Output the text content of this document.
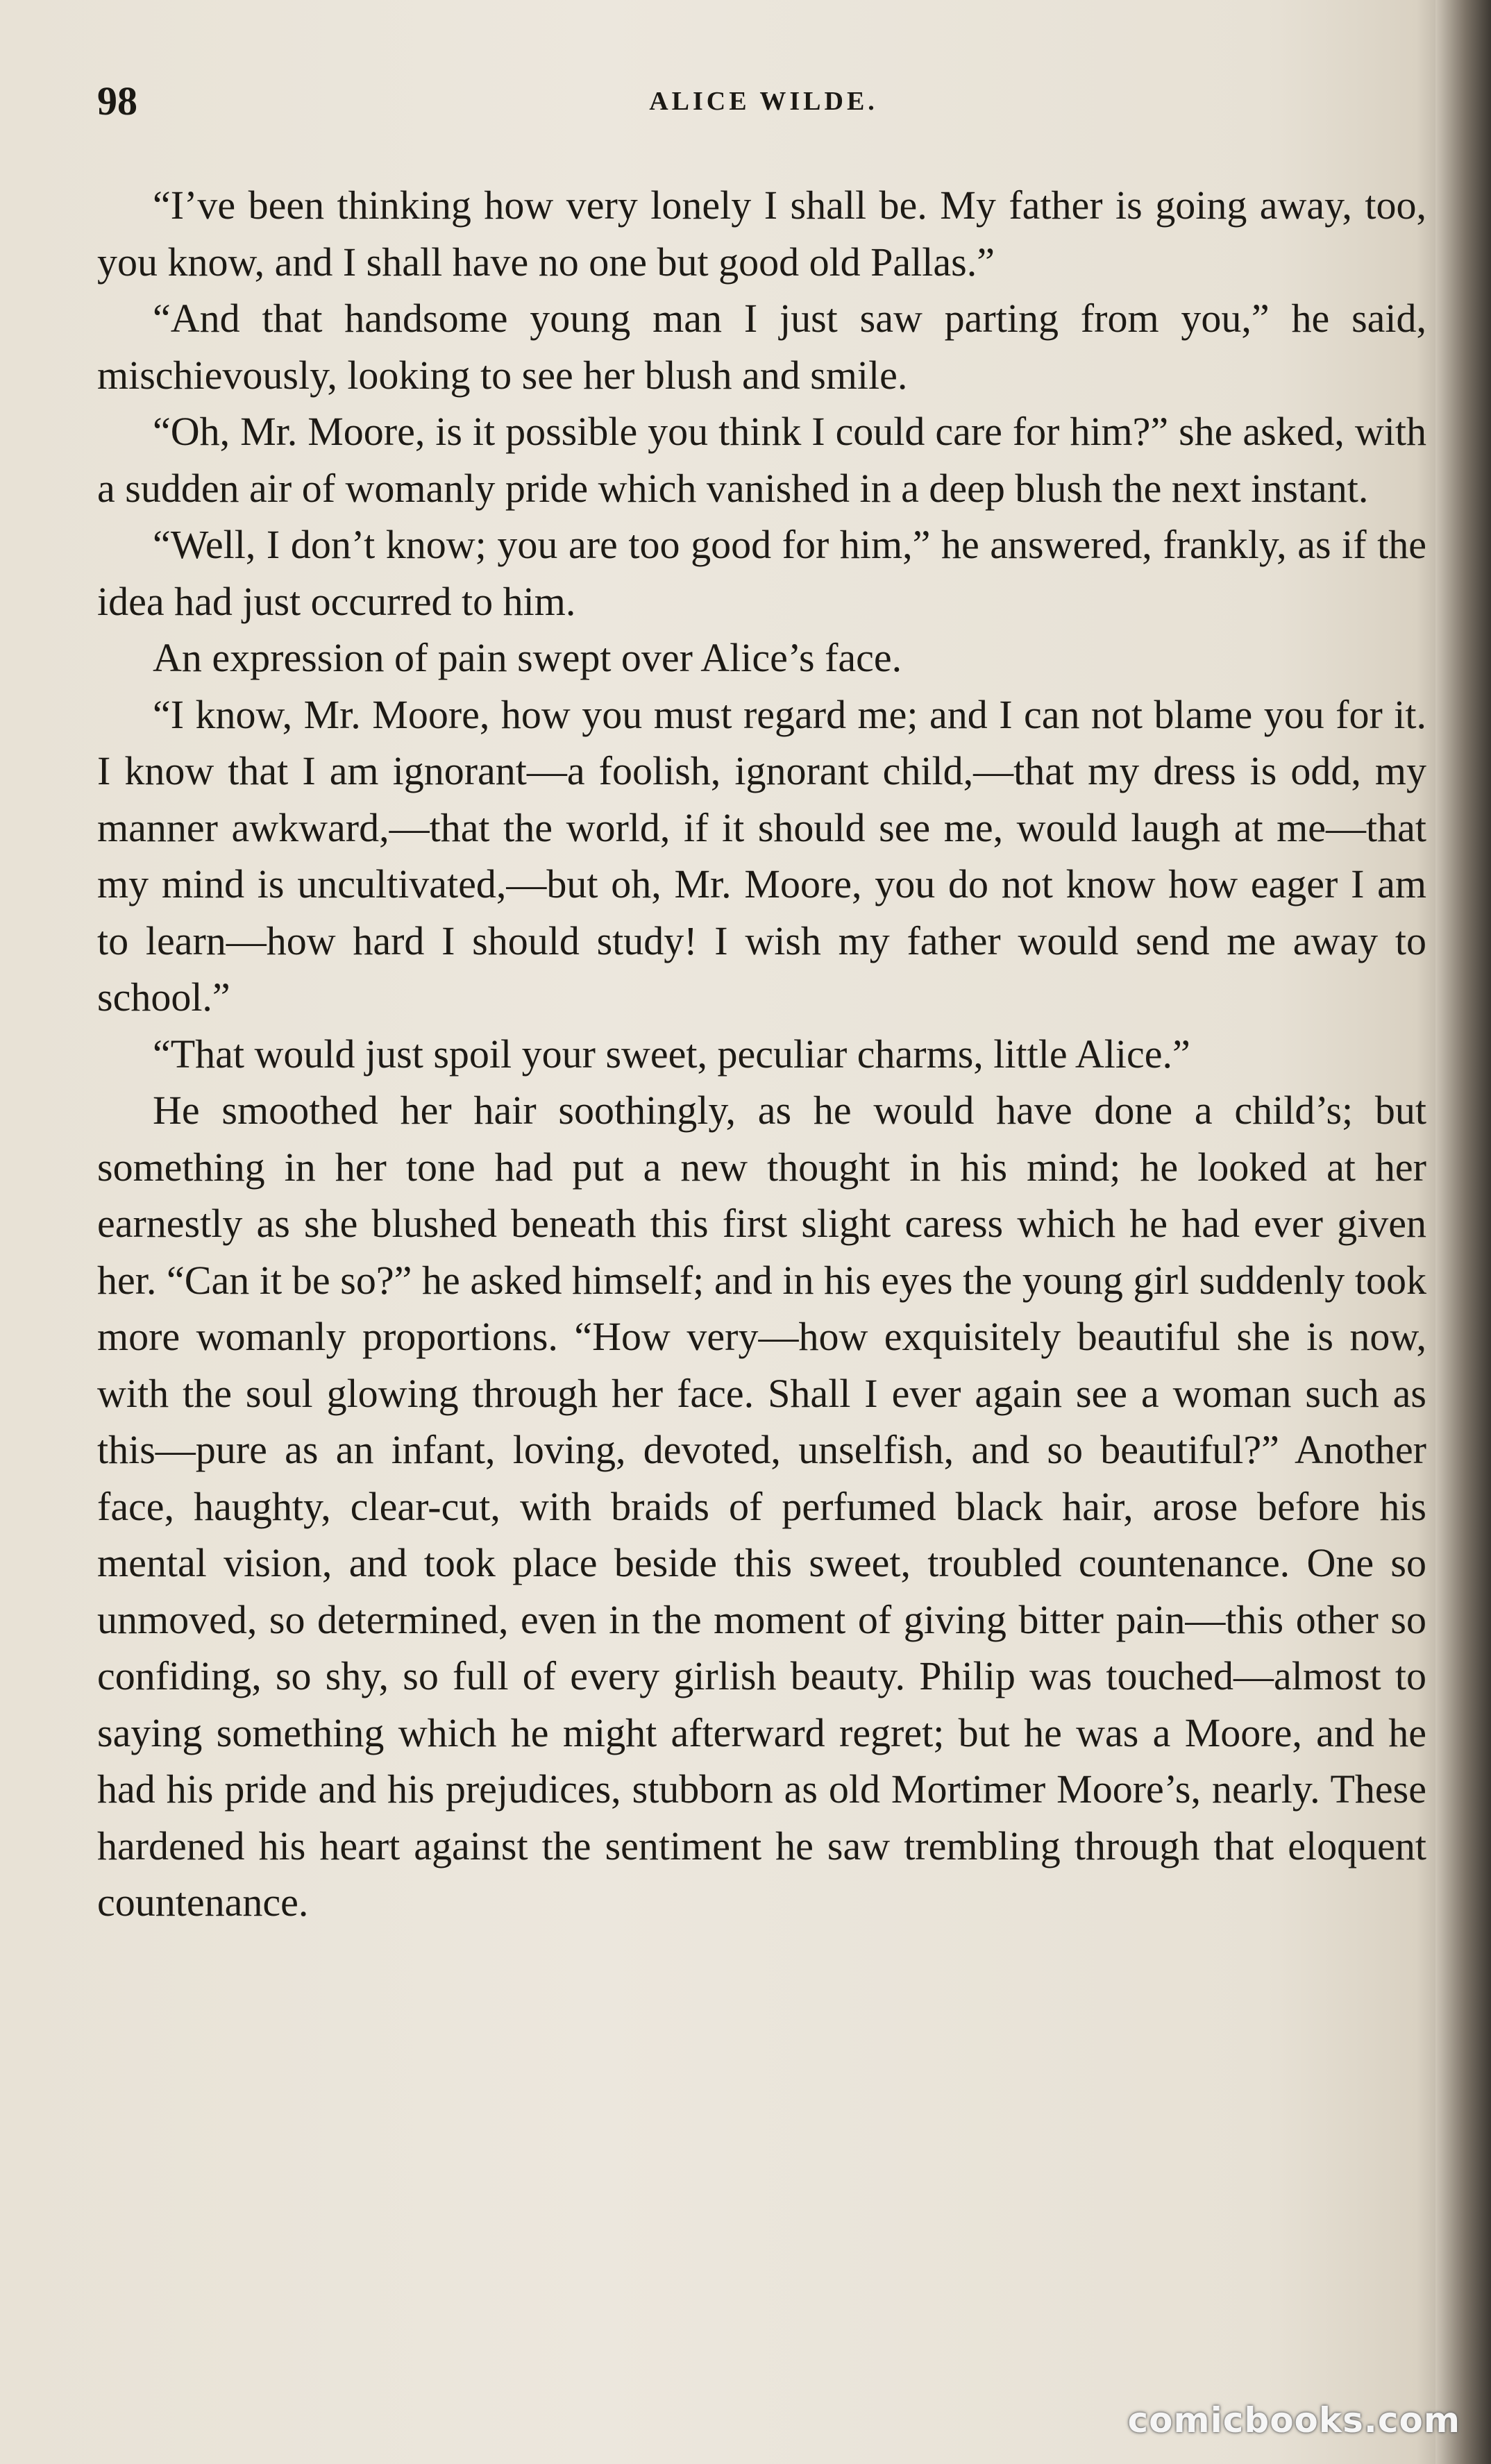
98	ALICE WILDE.

“I’ve been thinking how very lonely I shall be. My father is going away, too, you know, and I shall have no one but good old Pallas.”

“And that handsome young man I just saw parting from you,” he said, mischievously, looking to see her blush and smile.

“Oh, Mr. Moore, is it possible you think I could care for him?” she asked, with a sudden air of womanly pride which vanished in a deep blush the next instant.

“Well, I don’t know; you are too good for him,” he answered, frankly, as if the idea had just occurred to him.

An expression of pain swept over Alice’s face.

“I know, Mr. Moore, how you must regard me; and I can not blame you for it. I know that I am ignorant—a foolish, ignorant child,—that my dress is odd, my manner awkward,—that the world, if it should see me, would laugh at me—that my mind is uncultivated,—but oh, Mr. Moore, you do not know how eager I am to learn—how hard I should study! I wish my father would send me away to school.”

“That would just spoil your sweet, peculiar charms, little Alice.”

He smoothed her hair soothingly, as he would have done a child’s; but something in her tone had put a new thought in his mind; he looked at her earnestly as she blushed beneath this first slight caress which he had ever given her. “Can it be so?” he asked himself; and in his eyes the young girl suddenly took more womanly proportions. “How very—how exquisitely beautiful she is now, with the soul glowing through her face. Shall I ever again see a woman such as this—pure as an infant, loving, devoted, unselfish, and so beautiful?” Another face, haughty, clear-cut, with braids of perfumed black hair, arose before his mental vision, and took place beside this sweet, troubled countenance. One so unmoved, so determined, even in the moment of giving bitter pain—this other so confiding, so shy, so full of every girlish beauty. Philip was touched—almost to saying something which he might afterward regret; but he was a Moore, and he had his pride and his prejudices, stubborn as old Mortimer Moore’s, nearly. These hardened his heart against the sentiment he saw trembling through that eloquent countenance.

comicbooks.com
